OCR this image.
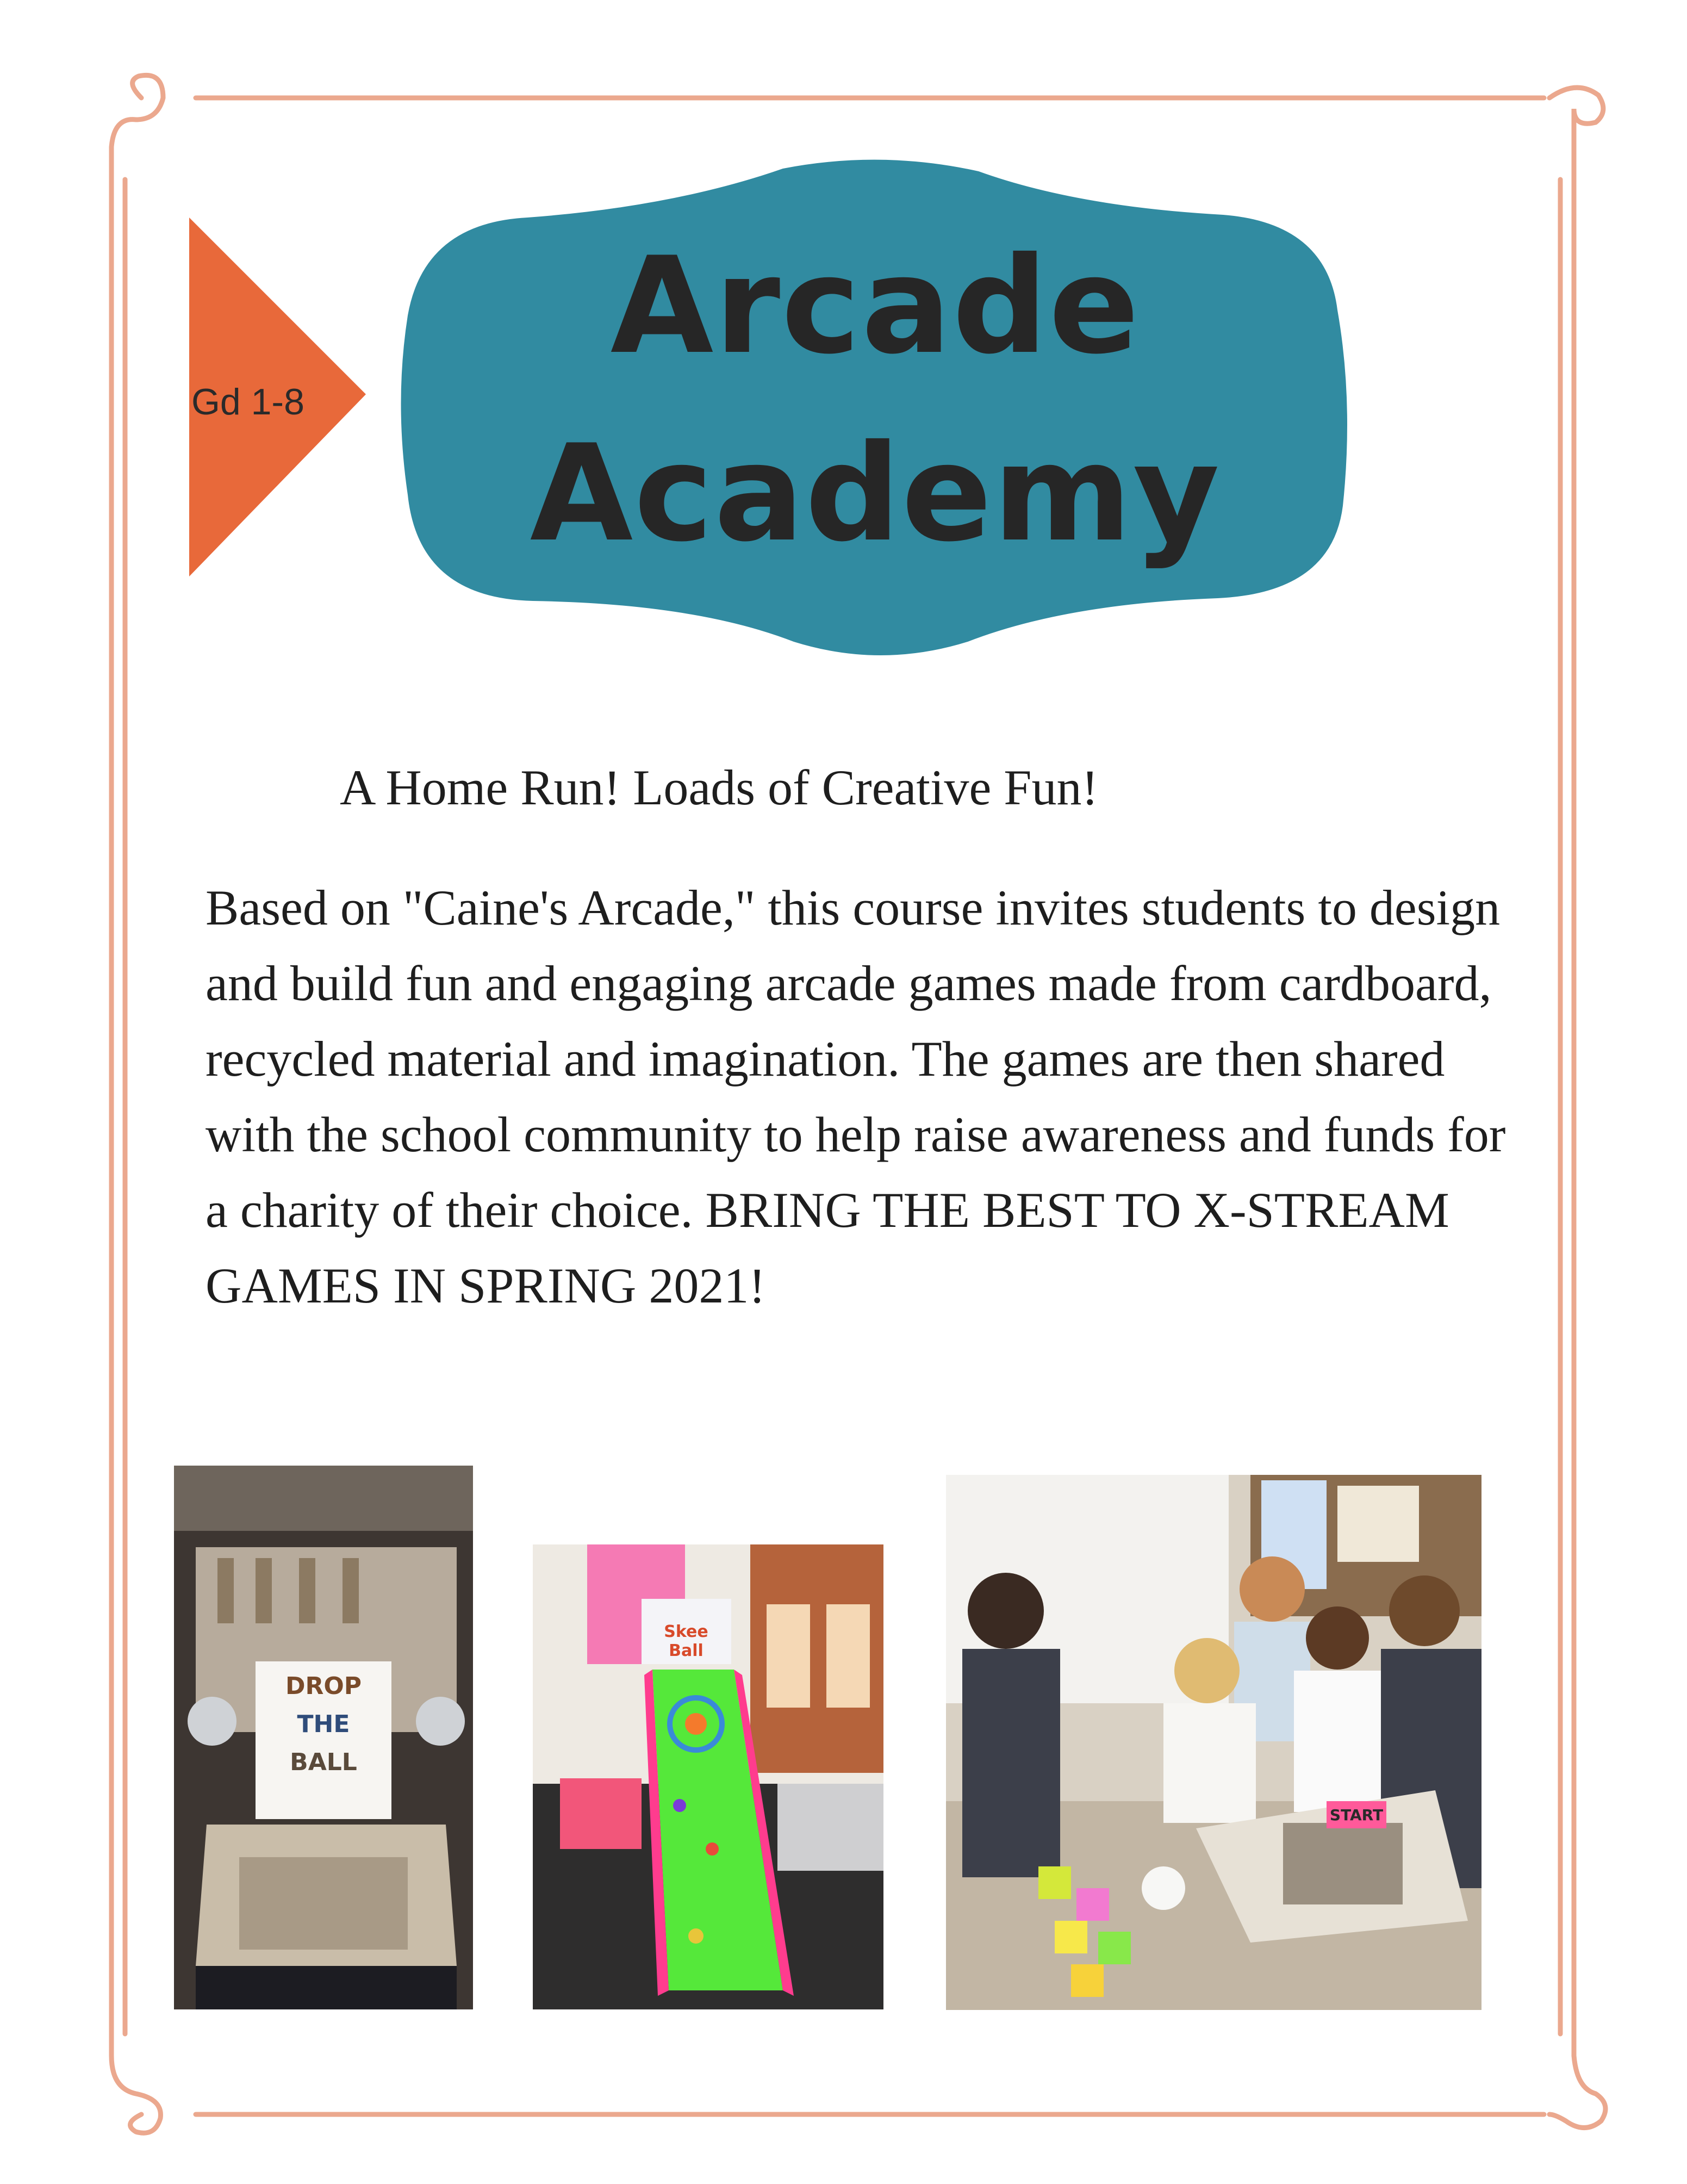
Gd 1-8
Arcade
Academy
A Home Run! Loads of Creative Fun!
Based on "Caine's Arcade," this course invites students to design and build fun and engaging arcade games made from cardboard, recycled material and imagination. The games are then shared with the school community to help raise awareness and funds for a charity of their choice. BRING THE BEST TO X-STREAM GAMES IN SPRING 2021!
DROP
THE
BALL
Skee
Ball
START
